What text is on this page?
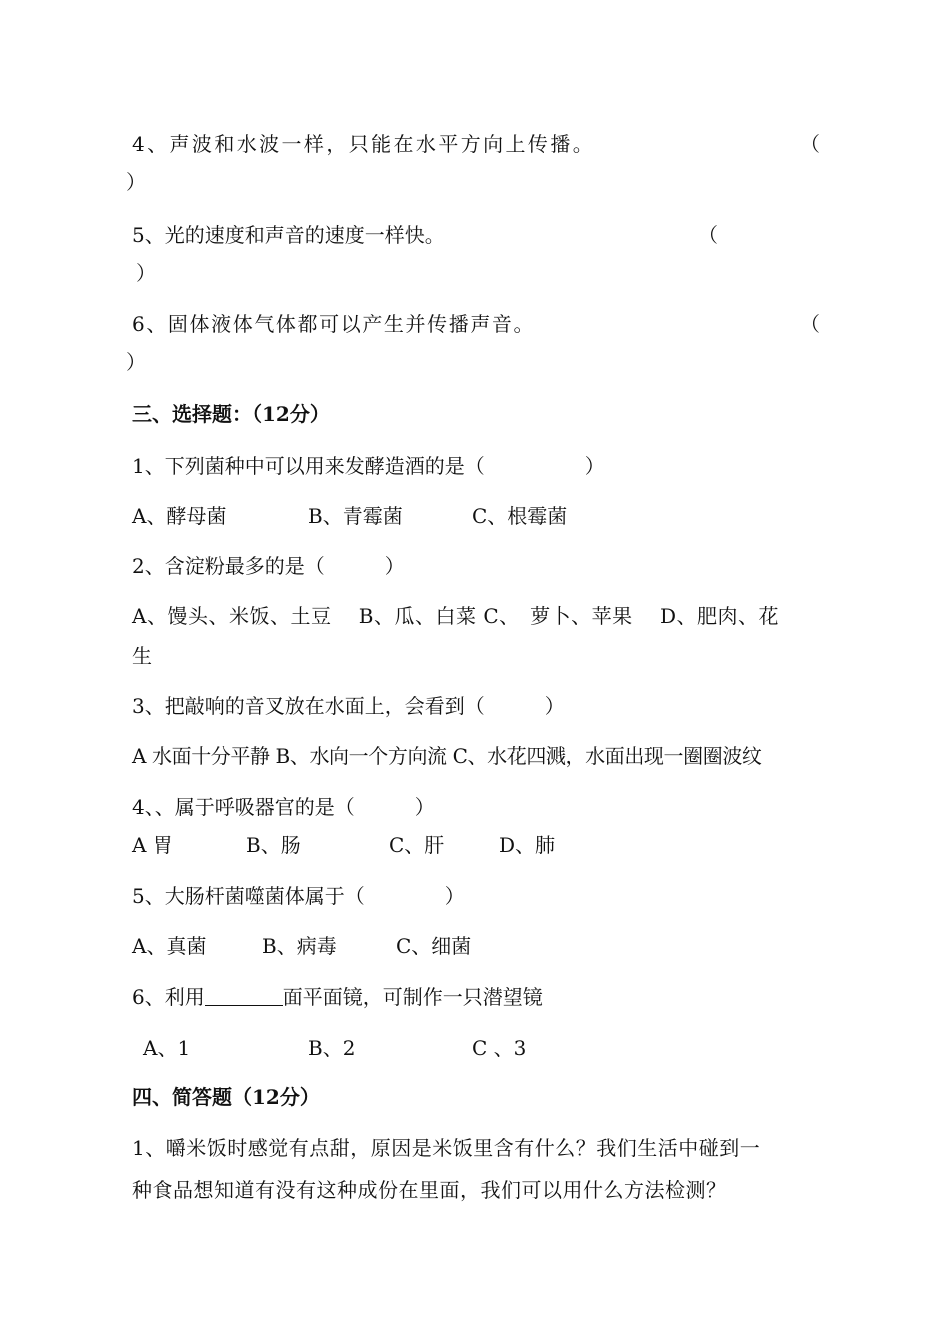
4、声波和水波一样，只能在水平方向上传播。	（
）
5、光的速度和声音的速度一样快。	（
）
6、固体液体气体都可以产生并传播声音。	（
）
三、选择题：（12分）
1、下列菌种中可以用来发酵造酒的是（　　　　　）
A、酵母菌	B、青霉菌	C、根霉菌
2、含淀粉最多的是（　　　）
A、馒头、米饭、土豆　 B、瓜、白菜 C、　萝卜、苹果　 D、肥肉、花
生
3、把敲响的音叉放在水面上，会看到（　　　）
A 水面十分平静 B、水向一个方向流 C、水花四溅，水面出现一圈圈波纹
4、、属于呼吸器官的是（　　　）
A 胃	B、肠	C、肝	D、肺
5、大肠杆菌噬菌体属于（　　　　）
A、真菌	B、病毒	C、细菌
6、利用	面平面镜，可制作一只潜望镜
A、1	B、2	C 、3
四、简答题（12分）
1、嚼米饭时感觉有点甜，原因是米饭里含有什么？我们生活中碰到一
种食品想知道有没有这种成份在里面，我们可以用什么方法检测？
